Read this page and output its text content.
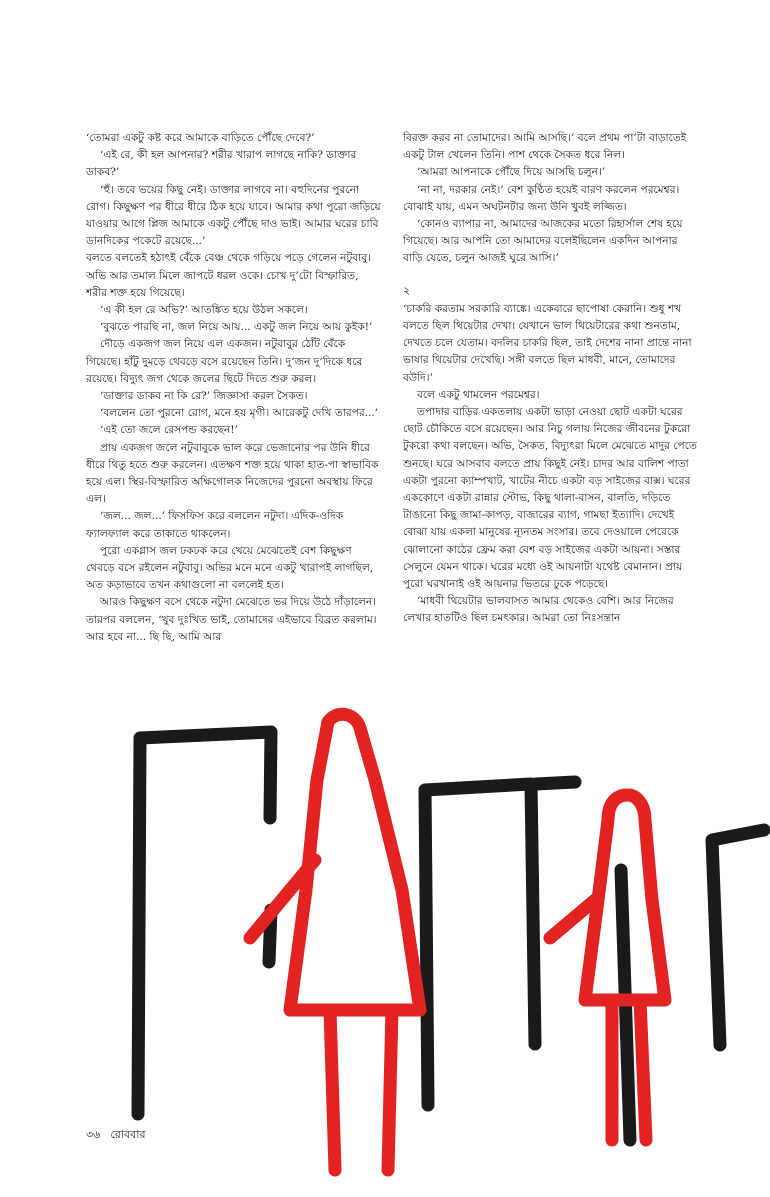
‘তোমরা একটু কষ্ট করে আমাকে বাড়িতে পৌঁছে দেবে?’

‘এই রে, কী হল আপনার? শরীর খারাপ লাগছে নাকি? ডাক্তার ডাকব?’

‘হুঁ। তবে ভয়ের কিছু নেই। ডাক্তার লাগবে না। বহুদিনের পুরনো রোগ। কিছুক্ষণ পর ধীরে ধীরে ঠিক হয়ে যাবে। আমার কথা পুরো জড়িয়ে যাওয়ার আগে প্লিজ আমাকে একটু পৌঁছে দাও ভাই। আমার ঘরের চাবি ডানদিকের পকেটে রয়েছে...’

বলতে বলতেই হঠাৎই বেঁকে বেঞ্চ থেকে গড়িয়ে পড়ে গেলেন নটুবাবু। অভি আর তমাল মিলে জাপটে ধরল ওকে। চোখ দু’টো বিস্ফারিত, শরীর শক্ত হয়ে গিয়েছে।

‘এ কী হল রে অভি?’ আতঙ্কিত হয়ে উঠল সকলে।

‘বুঝতে পারছি না, জল নিয়ে আয়... একটু জল নিয়ে আয় কুইক!’

দৌড়ে একজগ জল নিয়ে এল একজন। নটুবাবুর ঠোঁট বেঁকে গিয়েছে। হাঁটু দুমড়ে থেবড়ে বসে রয়েছেন তিনি। দু’জন দু’দিকে ধরে রয়েছে। বিদ্যুৎ জগ থেকে জলের ছিটে দিতে শুরু করল।

‘ডাক্তার ডাকব না কি রে?’ জিজ্ঞাসা করল সৈকত।

‘বললেন তো পুরনো রোগ, মনে হয় মৃগী। আরেকটু দেখি তারপর...’

‘এই তো জলে রেসপন্ড করছেন!’

প্রায় একজগ জলে নটুবাবুকে ভাল করে ভেজানোর পর উনি ধীরে ধীরে থিতু হতে শুরু করলেন। এতক্ষণ শক্ত হয়ে থাকা হাত-পা স্বাভাবিক হয়ে এল। স্থির-বিস্ফারিত অক্ষিগোলক নিজেদের পুরনো অবস্থায় ফিরে এল।

‘জল... জল...’ ফিসফিস করে বললেন নটুদা। এদিক-ওদিক ফ্যালফ্যাল করে তাকাতে থাকলেন।

পুরো একগ্লাস জল ঢকঢক করে খেয়ে মেঝেতেই বেশ কিছুক্ষণ থেবড়ে বসে রইলেন নটুবাবু। অভির মনে মনে একটু খারাপই লাগছিল, অত কড়াভাবে তখন কথাগুলো না বললেই হত।

আরও কিছুক্ষণ বসে থেকে নটুদা মেঝেতে ভর দিয়ে উঠে দাঁড়ালেন। তারপর বললেন, ‘খুব দুঃখিত ভাই, তোমাদের এইভাবে বিব্রত করলাম। আর হবে না... ছি ছি, আমি আর

বিরক্ত করব না তোমাদের। আমি আসছি।’ বলে প্রথম পা’টা বাড়াতেই একটু টাল খেলেন তিনি। পাশ থেকে সৈকত ধরে নিল।

‘আমরা আপনাকে পৌঁছে দিয়ে আসছি চলুন।’

‘না না, দরকার নেই।’ বেশ কুণ্ঠিত হয়েই বারণ করলেন পরমেশ্বর। বোঝাই যায়, এমন অঘটনটার জন্য উনি খুবই লজ্জিত।

‘কোনও ব্যাপার না, আমাদের আজকের মতো রিহার্সাল শেষ হয়ে গিয়েছে। আর আপনি তো আমাদের বলেইছিলেন একদিন আপনার বাড়ি যেতে, চলুন আজই ঘুরে আসি।’

২

‘চাকরি করতাম সরকারি ব্যাঙ্কে। একেবারে ছাপোষা কেরানি। শুধু শখ বলতে ছিল থিয়েটার দেখা। যেখানে ভাল থিয়েটারের কথা শুনতাম, দেখতে চলে যেতাম। বদলির চাকরি ছিল, তাই দেশের নানা প্রান্তে নানা ভাষার থিয়েটার দেখেছি। সঙ্গী বলতে ছিল মাধবী, মানে, তোমাদের বউদি।’

বলে একটু থামলেন পরমেশ্বর।

তপাদার বাড়ির একতলায় একটা ভাড়া নেওয়া ছোট একটা ঘরের ছোট চৌকিতে বসে রয়েছেন। আর নিচু গলায় নিজের জীবনের টুকরো টুকরো কথা বলছেন। অভি, সৈকত, বিদ্যুৎরা মিলে মেঝেতে মাদুর পেতে শুনছে। ঘরে আসবাব বলতে প্রায় কিছুই নেই। চাদর আর বালিশ পাতা একটা পুরনো ক্যাম্পখাট, খাটের নীচে একটা বড় সাইজের বাক্স। ঘরের এককোণে একটা রান্নার স্টোভ, কিছু থালা-বাসন, বালতি, দড়িতে টাঙানো কিছু জামা-কাপড়, বাজারের ব্যাগ, গামছা ইত্যাদি। দেখেই বোঝা যায় একলা মানুষের ন্যূনতম সংসার। তবে দেওয়ালে পেরেকে ঝোলানো কাঠের ফ্রেম করা বেশ বড় সাইজের একটা আয়না। সস্তার সেলুনে যেমন থাকে। ঘরের মধ্যে ওই আয়নাটা যথেষ্ট বেমানান। প্রায় পুরো ঘরখানাই ওই আয়নার ভিতরে ঢুকে পড়েছে।

‘মাধবী থিয়েটার ভালবাসত আমার থেকেও বেশি। আর নিজের লেখার হাতটিও ছিল চমৎকার। আমরা তো নিঃসন্তান

৩৬ রোববার
